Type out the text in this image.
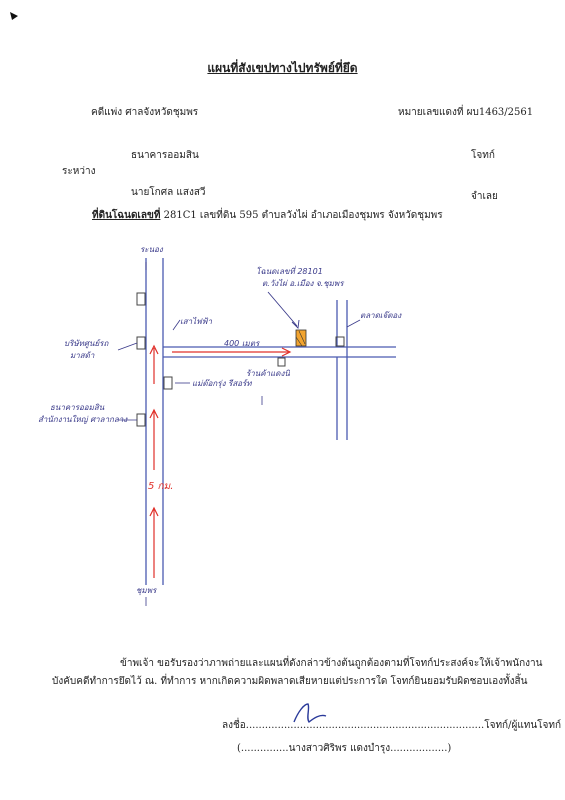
แผนที่สังเขปทางไปทรัพย์ที่ยึด
คดีแพ่ง ศาลจังหวัดชุมพร	หมายเลขแดงที่ ผบ1463/2561
ธนาคารออมสิน	โจทก์
ระหว่าง
นายโกศล แสงสวี	จำเลย
ที่ดินโฉนดเลขที่ 281C1 เลขที่ดิน 595 ตำบลวังไผ่ อำเภอเมืองชุมพร จังหวัดชุมพร
ระนอง
ชุมพร
โฉนดเลขที่ 28101
ต.วังไผ่ อ.เมือง จ.ชุมพร
400 เมตร
ร้านค้าแดงนิ
เสาไฟฟ้า
ตลาดเจ๊ตอง
แม่ต๊อกรุ่ง รีสอร์ท
บริษัทศูนย์รถ
มาสด้า
ธนาคารออมสิน
สำนักงานใหญ่ ศาลากลาง
5 กม.
ข้าพเจ้า ขอรับรองว่าภาพถ่ายและแผนที่ดังกล่าวข้างต้นถูกต้องตามที่โจทก์ประสงค์จะให้เจ้าพนักงาน
บังคับคดีทำการยึดไว้ ณ. ที่ทำการ หากเกิดความผิดพลาดเสียหายแต่ประการใด โจทก์ยินยอมรับผิดชอบเองทั้งสิ้น
ลงชื่อ...........................................................................โจทก์/ผู้แทนโจทก์
(...............นางสาวศิริพร แดงบำรุง..................)
